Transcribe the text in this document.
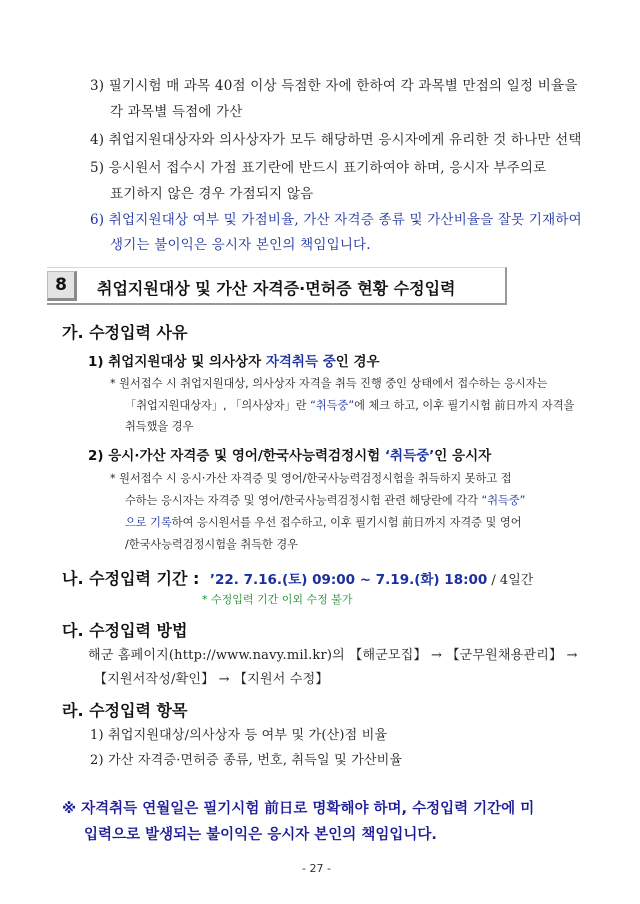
3) 필기시험 매 과목 40점 이상 득점한 자에 한하여 각 과목별 만점의 일정 비율을
각 과목별 득점에 가산
4) 취업지원대상자와 의사상자가 모두 해당하면 응시자에게 유리한 것 하나만 선택
5) 응시원서 접수시 가점 표기란에 반드시 표기하여야 하며, 응시자 부주의로
표기하지 않은 경우 가점되지 않음
6) 취업지원대상 여부 및 가점비율, 가산 자격증 종류 및 가산비율을 잘못 기재하여
생기는 불이익은 응시자 본인의 책임입니다.
8	취업지원대상 및 가산 자격증·면허증 현황 수정입력
가. 수정입력 사유
1) 취업지원대상 및 의사상자 자격취득 중인 경우
* 원서접수 시 취업지원대상, 의사상자 자격을 취득 진행 중인 상태에서 접수하는 응시자는
「취업지원대상자」, 「의사상자」란 “취득중”에 체크 하고, 이후 필기시험 前日까지 자격을
취득했을 경우
2) 응시·가산 자격증 및 영어/한국사능력검정시험 ‘취득중’인 응시자
* 원서접수 시 응시·가산 자격증 및 영어/한국사능력검정시험을 취득하지 못하고 접
수하는 응시자는 자격증 및 영어/한국사능력검정시험 관련 해당란에 각각 “취득중”
으로 기록하여 응시원서를 우선 접수하고, 이후 필기시험 前日까지 자격증 및 영어
/한국사능력검정시험을 취득한 경우
나. 수정입력 기간 : ’22. 7.16.(토) 09:00 ~ 7.19.(화) 18:00 / 4일간
* 수정입력 기간 이외 수정 불가
다. 수정입력 방법
해군 홈페이지(http://www.navy.mil.kr)의 【해군모집】 → 【군무원채용관리】 →
【지원서작성/확인】 → 【지원서 수정】
라. 수정입력 항목
1) 취업지원대상/의사상자 등 여부 및 가(산)점 비율
2) 가산 자격증·면허증 종류, 번호, 취득일 및 가산비율
※ 자격취득 연월일은 필기시험 前日로 명확해야 하며, 수정입력 기간에 미
입력으로 발생되는 불이익은 응시자 본인의 책임입니다.
- 27 -
